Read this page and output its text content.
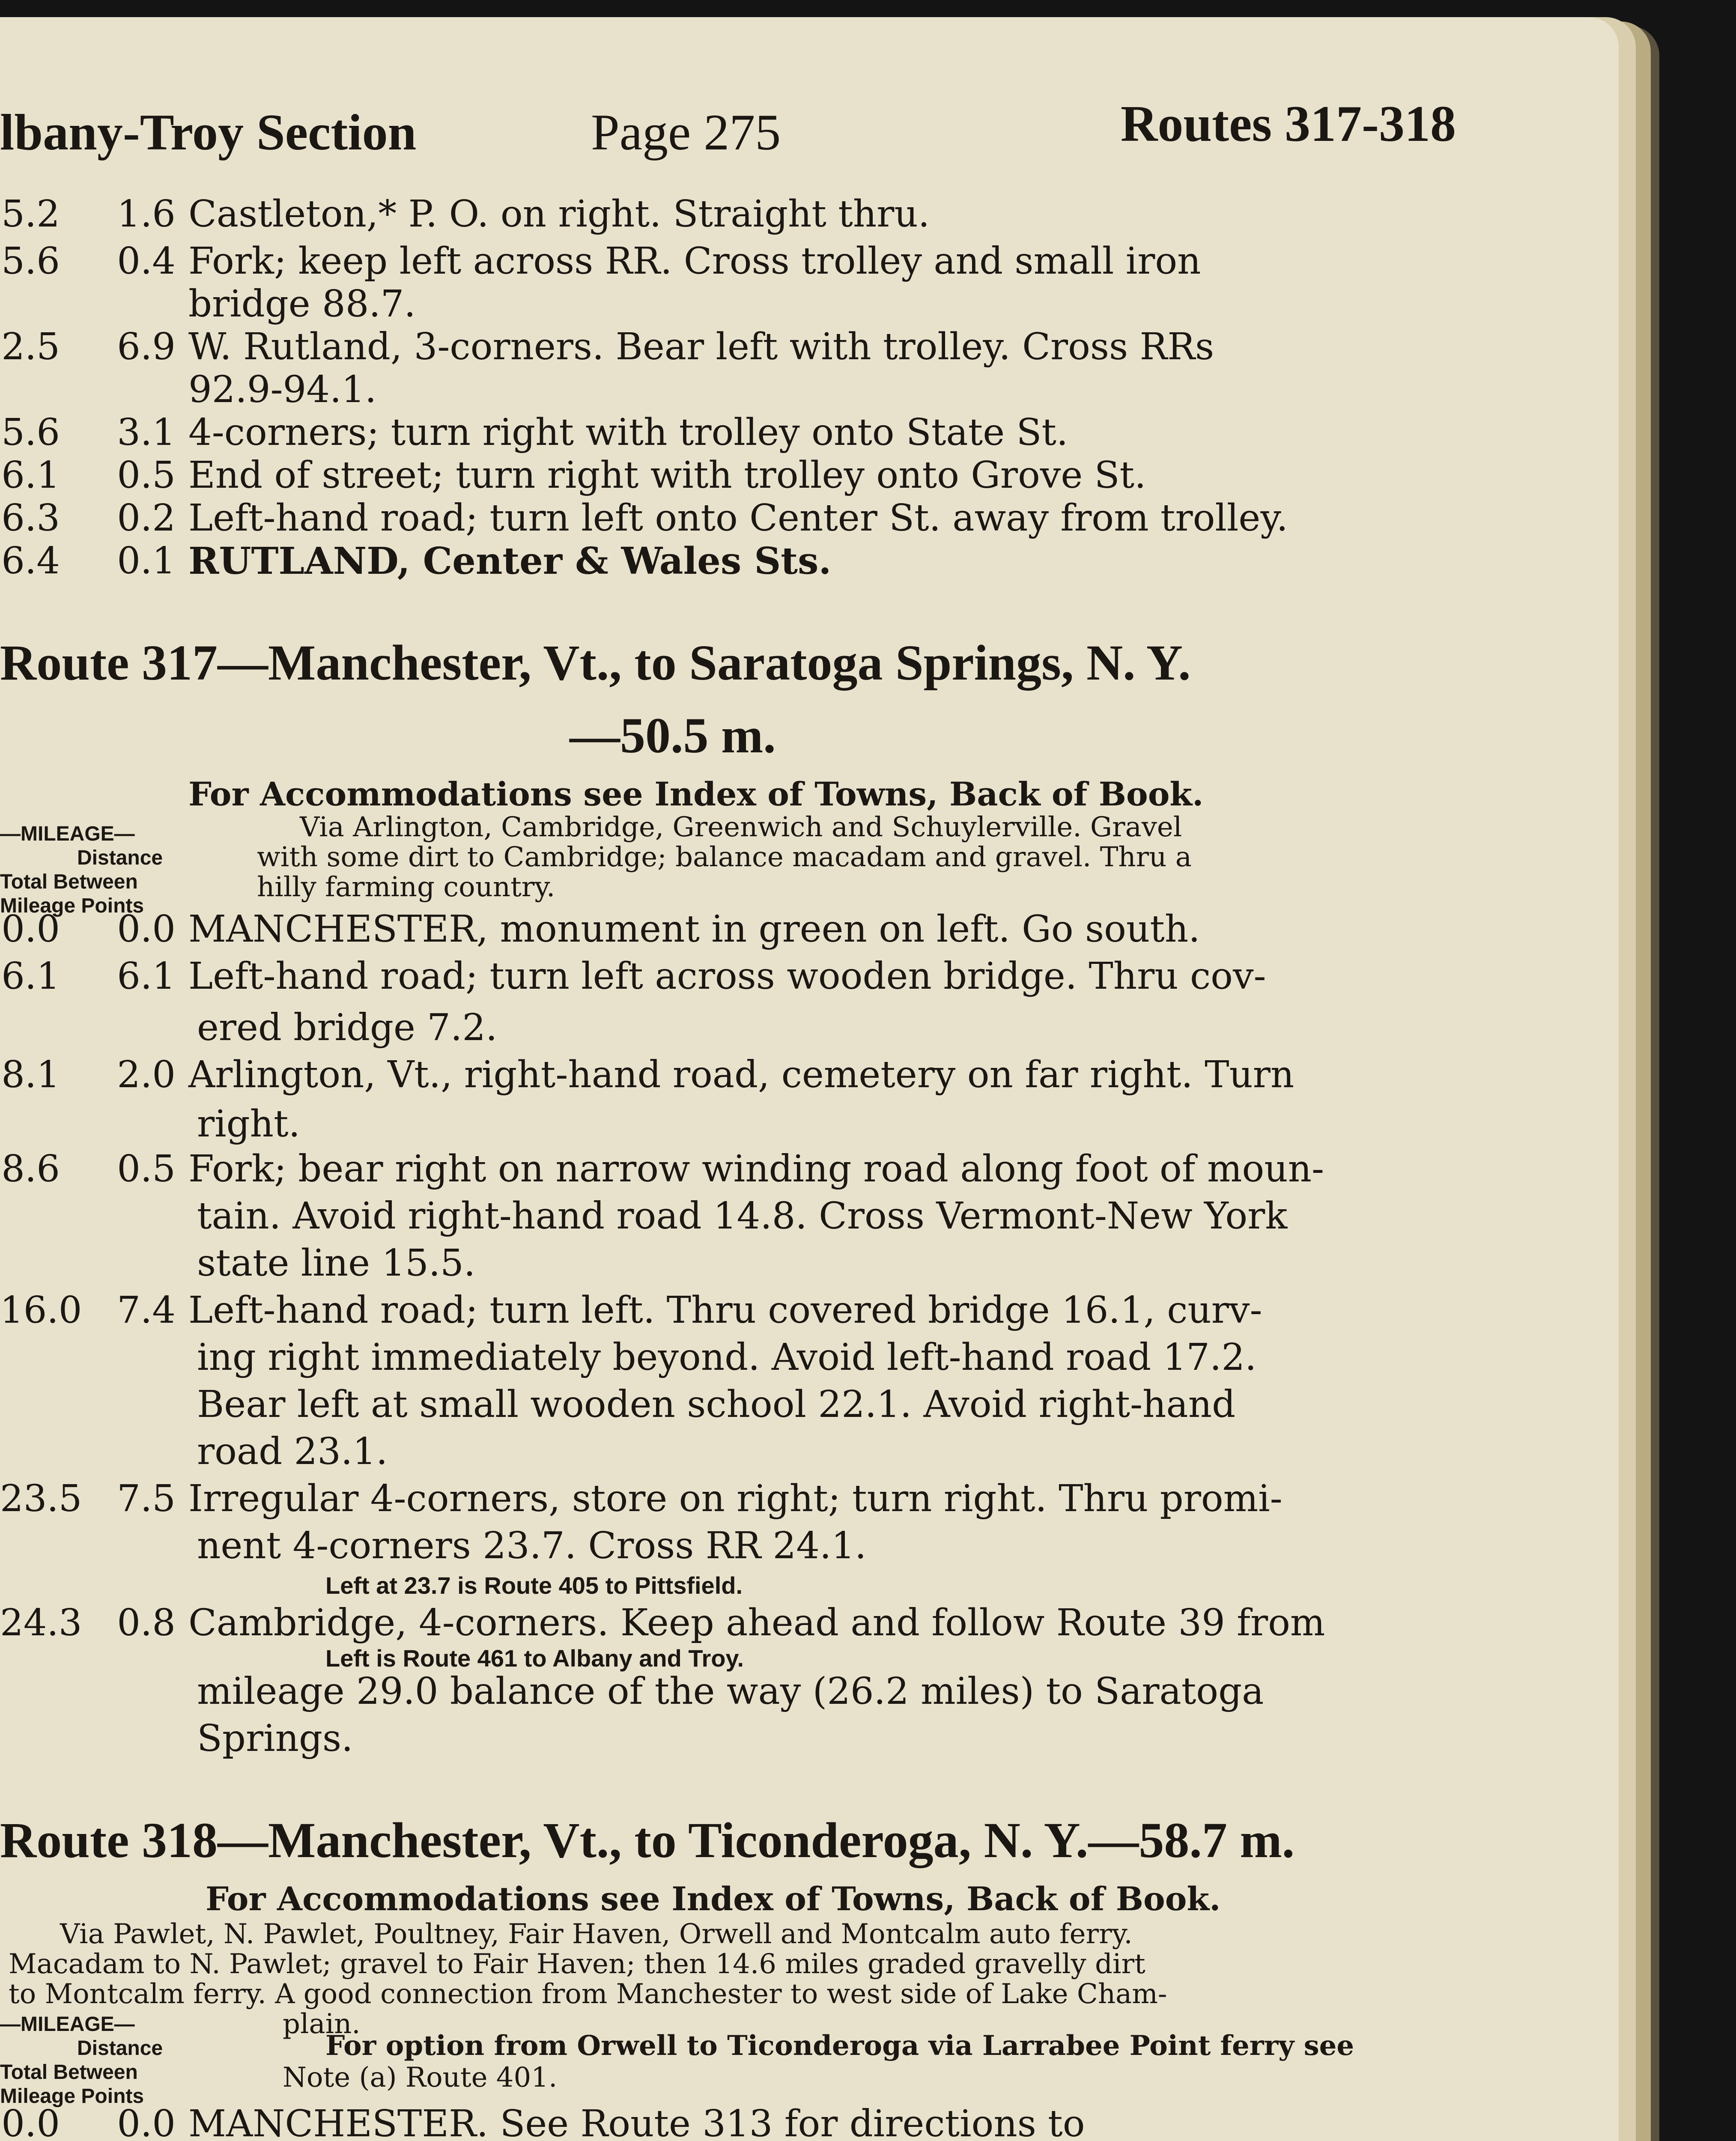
lbany-Troy Section	Page 275	Routes 317-318
5.2	1.6 Castleton,* P. O. on right. Straight thru.
5.6	0.4 Fork; keep left across RR. Cross trolley and small iron
bridge 88.7.
2.5	6.9 W. Rutland, 3-corners. Bear left with trolley. Cross RRs
92.9-94.1.
5.6	3.1 4-corners; turn right with trolley onto State St.
6.1	0.5 End of street; turn right with trolley onto Grove St.
6.3	0.2 Left-hand road; turn left onto Center St. away from trolley.
6.4	0.1 RUTLAND, Center & Wales Sts.
Route 317—Manchester, Vt., to Saratoga Springs, N. Y.
—50.5 m.
For Accommodations see Index of Towns, Back of Book.
—MILEAGE—
Distance
Total Between
Mileage Points
Via Arlington, Cambridge, Greenwich and Schuylerville. Gravel
with some dirt to Cambridge; balance macadam and gravel. Thru a
hilly farming country.
0.0	0.0 MANCHESTER, monument in green on left. Go south.
6.1	6.1 Left-hand road; turn left across wooden bridge. Thru cov-
ered bridge 7.2.
8.1	2.0 Arlington, Vt., right-hand road, cemetery on far right. Turn
right.
8.6	0.5 Fork; bear right on narrow winding road along foot of moun-
tain. Avoid right-hand road 14.8. Cross Vermont-New York
state line 15.5.
16.0 7.4 Left-hand road; turn left. Thru covered bridge 16.1, curv-
ing right immediately beyond. Avoid left-hand road 17.2.
Bear left at small wooden school 22.1. Avoid right-hand
road 23.1.
23.5 7.5 Irregular 4-corners, store on right; turn right. Thru promi-
nent 4-corners 23.7. Cross RR 24.1.
Left at 23.7 is Route 405 to Pittsfield.
24.3 0.8 Cambridge, 4-corners. Keep ahead and follow Route 39 from
Left is Route 461 to Albany and Troy.
mileage 29.0 balance of the way (26.2 miles) to Saratoga
Springs.
Route 318—Manchester, Vt., to Ticonderoga, N. Y.—58.7 m.
For Accommodations see Index of Towns, Back of Book.
Via Pawlet, N. Pawlet, Poultney, Fair Haven, Orwell and Montcalm auto ferry.
Macadam to N. Pawlet; gravel to Fair Haven; then 14.6 miles graded gravelly dirt
to Montcalm ferry. A good connection from Manchester to west side of Lake Cham-
plain.
—MILEAGE—
Distance
Total Between
Mileage Points
For option from Orwell to Ticonderoga via Larrabee Point ferry see
Note (a) Route 401.
0.0	0.0 MANCHESTER. See Route 313 for directions to
